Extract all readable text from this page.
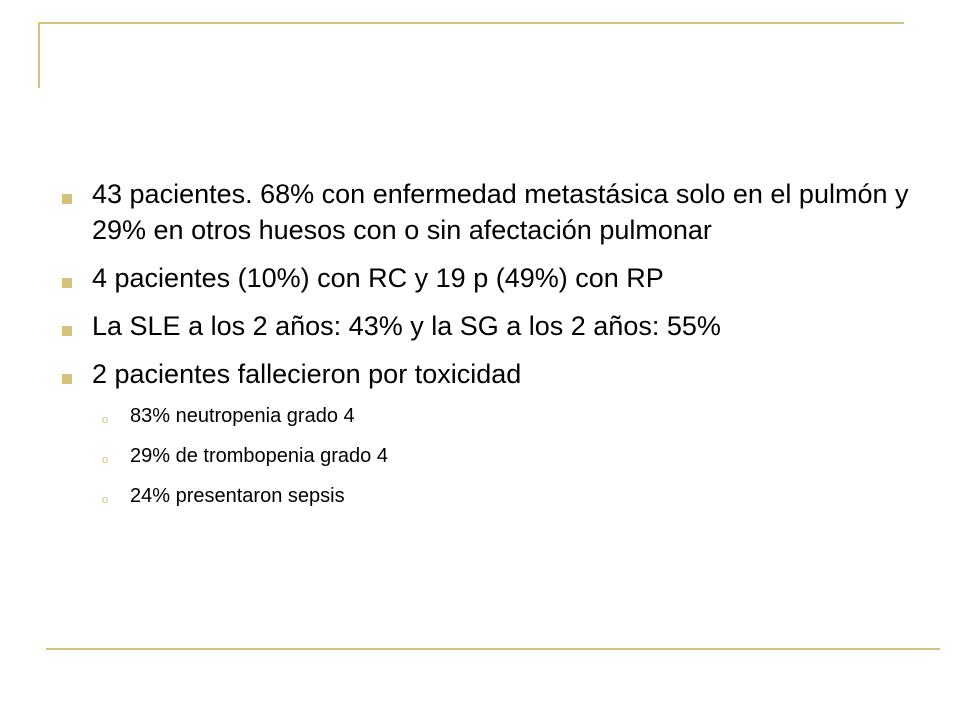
43 pacientes. 68% con enfermedad metastásica solo en el pulmón y 29% en otros huesos con o sin afectación pulmonar
4 pacientes (10%) con RC y 19 p (49%) con RP
La SLE a los 2 años: 43% y la SG a los 2 años: 55%
2 pacientes fallecieron por toxicidad
o 83% neutropenia grado 4
o 29% de trombopenia grado 4
o 24% presentaron sepsis
